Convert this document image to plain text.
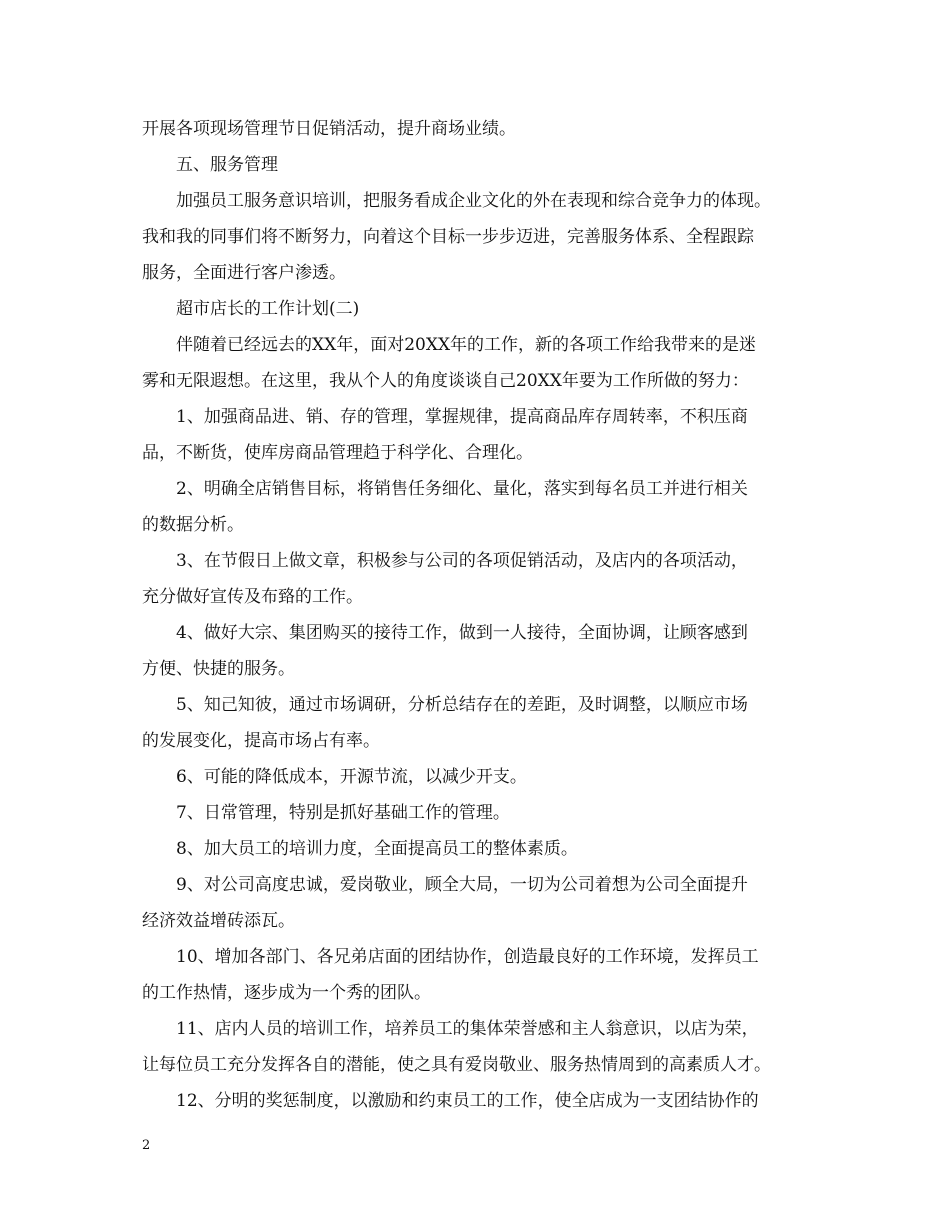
开展各项现场管理节日促销活动，提升商场业绩。
五、服务管理
加强员工服务意识培训，把服务看成企业文化的外在表现和综合竞争力的体现。
我和我的同事们将不断努力，向着这个目标一步步迈进，完善服务体系、全程跟踪
服务，全面进行客户渗透。
超市店长的工作计划(二)
伴随着已经远去的XX年，面对20XX年的工作，新的各项工作给我带来的是迷
雾和无限遐想。在这里，我从个人的角度谈谈自己20XX年要为工作所做的努力：
1、加强商品进、销、存的管理，掌握规律，提高商品库存周转率，不积压商
品，不断货，使库房商品管理趋于科学化、合理化。
2、明确全店销售目标，将销售任务细化、量化，落实到每名员工并进行相关
的数据分析。
3、在节假日上做文章，积极参与公司的各项促销活动，及店内的各项活动，
充分做好宣传及布臵的工作。
4、做好大宗、集团购买的接待工作，做到一人接待，全面协调，让顾客感到
方便、快捷的服务。
5、知己知彼，通过市场调研，分析总结存在的差距，及时调整，以顺应市场
的发展变化，提高市场占有率。
6、可能的降低成本，开源节流，以减少开支。
7、日常管理，特别是抓好基础工作的管理。
8、加大员工的培训力度，全面提高员工的整体素质。
9、对公司高度忠诚，爱岗敬业，顾全大局，一切为公司着想为公司全面提升
经济效益增砖添瓦。
10、增加各部门、各兄弟店面的团结协作，创造最良好的工作环境，发挥员工
的工作热情，逐步成为一个秀的团队。
11、店内人员的培训工作，培养员工的集体荣誉感和主人翁意识，以店为荣，
让每位员工充分发挥各自的潜能，使之具有爱岗敬业、服务热情周到的高素质人才。
12、分明的奖惩制度，以激励和约束员工的工作，使全店成为一支团结协作的
2
